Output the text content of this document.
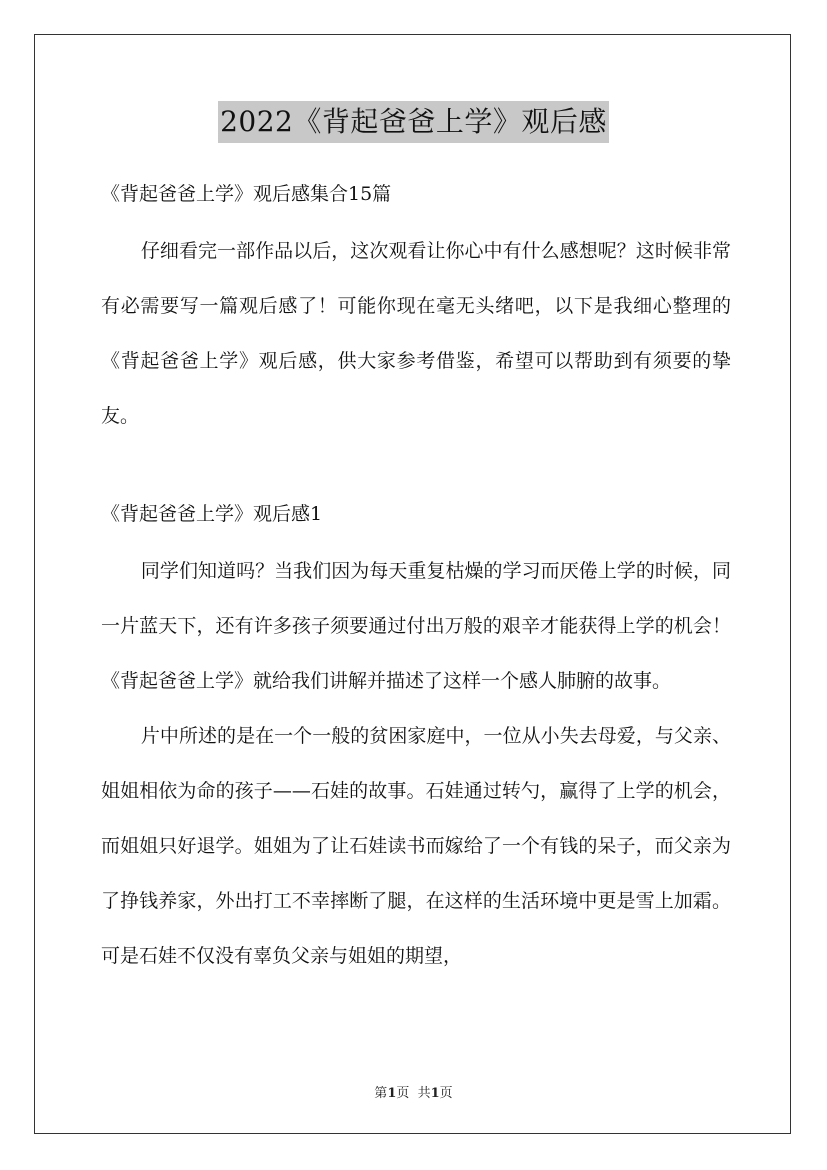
2022《背起爸爸上学》观后感

《背起爸爸上学》观后感集合15篇

仔细看完一部作品以后，这次观看让你心中有什么感想呢？这时候非常有必需要写一篇观后感了！可能你现在毫无头绪吧，以下是我细心整理的《背起爸爸上学》观后感，供大家参考借鉴，希望可以帮助到有须要的挚友。

《背起爸爸上学》观后感1

同学们知道吗？当我们因为每天重复枯燥的学习而厌倦上学的时候，同一片蓝天下，还有许多孩子须要通过付出万般的艰辛才能获得上学的机会！《背起爸爸上学》就给我们讲解并描述了这样一个感人肺腑的故事。

片中所述的是在一个一般的贫困家庭中，一位从小失去母爱，与父亲、姐姐相依为命的孩子——石娃的故事。石娃通过转勺，赢得了上学的机会，而姐姐只好退学。姐姐为了让石娃读书而嫁给了一个有钱的呆子，而父亲为了挣钱养家，外出打工不幸摔断了腿，在这样的生活环境中更是雪上加霜。可是石娃不仅没有辜负父亲与姐姐的期望，

第1页  共1页
